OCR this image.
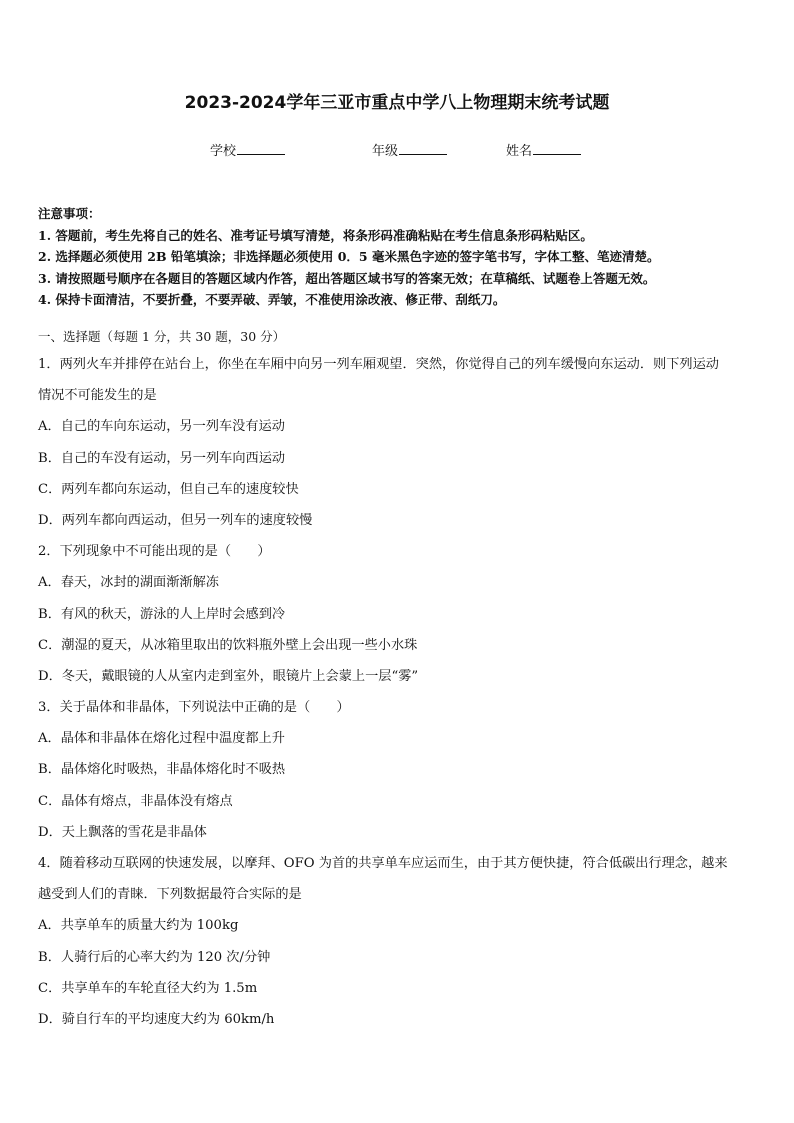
2023-2024学年三亚市重点中学八上物理期末统考试题
学校	年级	姓名
注意事项：
1. 答题前，考生先将自己的姓名、准考证号填写清楚，将条形码准确粘贴在考生信息条形码粘贴区。
2. 选择题必须使用 2B 铅笔填涂；非选择题必须使用 0．5 毫米黑色字迹的签字笔书写，字体工整、笔迹清楚。
3. 请按照题号顺序在各题目的答题区域内作答，超出答题区域书写的答案无效；在草稿纸、试题卷上答题无效。
4. 保持卡面清洁，不要折叠，不要弄破、弄皱，不准使用涂改液、修正带、刮纸刀。
一、选择题（每题 1 分，共 30 题，30 分）
1．两列火车并排停在站台上，你坐在车厢中向另一列车厢观望．突然，你觉得自己的列车缓慢向东运动．则下列运动
情况不可能发生的是
A．自己的车向东运动，另一列车没有运动
B．自己的车没有运动，另一列车向西运动
C．两列车都向东运动，但自己车的速度较快
D．两列车都向西运动，但另一列车的速度较慢
2．下列现象中不可能出现的是（　　）
A．春天，冰封的湖面渐渐解冻
B．有风的秋天，游泳的人上岸时会感到冷
C．潮湿的夏天，从冰箱里取出的饮料瓶外壁上会出现一些小水珠
D．冬天，戴眼镜的人从室内走到室外，眼镜片上会蒙上一层“雾”
3．关于晶体和非晶体，下列说法中正确的是（　　）
A．晶体和非晶体在熔化过程中温度都上升
B．晶体熔化时吸热，非晶体熔化时不吸热
C．晶体有熔点，非晶体没有熔点
D．天上飘落的雪花是非晶体
4．随着移动互联网的快速发展，以摩拜、OFO 为首的共享单车应运而生，由于其方便快捷，符合低碳出行理念，越来
越受到人们的青睐．下列数据最符合实际的是
A．共享单车的质量大约为 100kg
B．人骑行后的心率大约为 120 次/分钟
C．共享单车的车轮直径大约为 1.5m
D．骑自行车的平均速度大约为 60km/h
